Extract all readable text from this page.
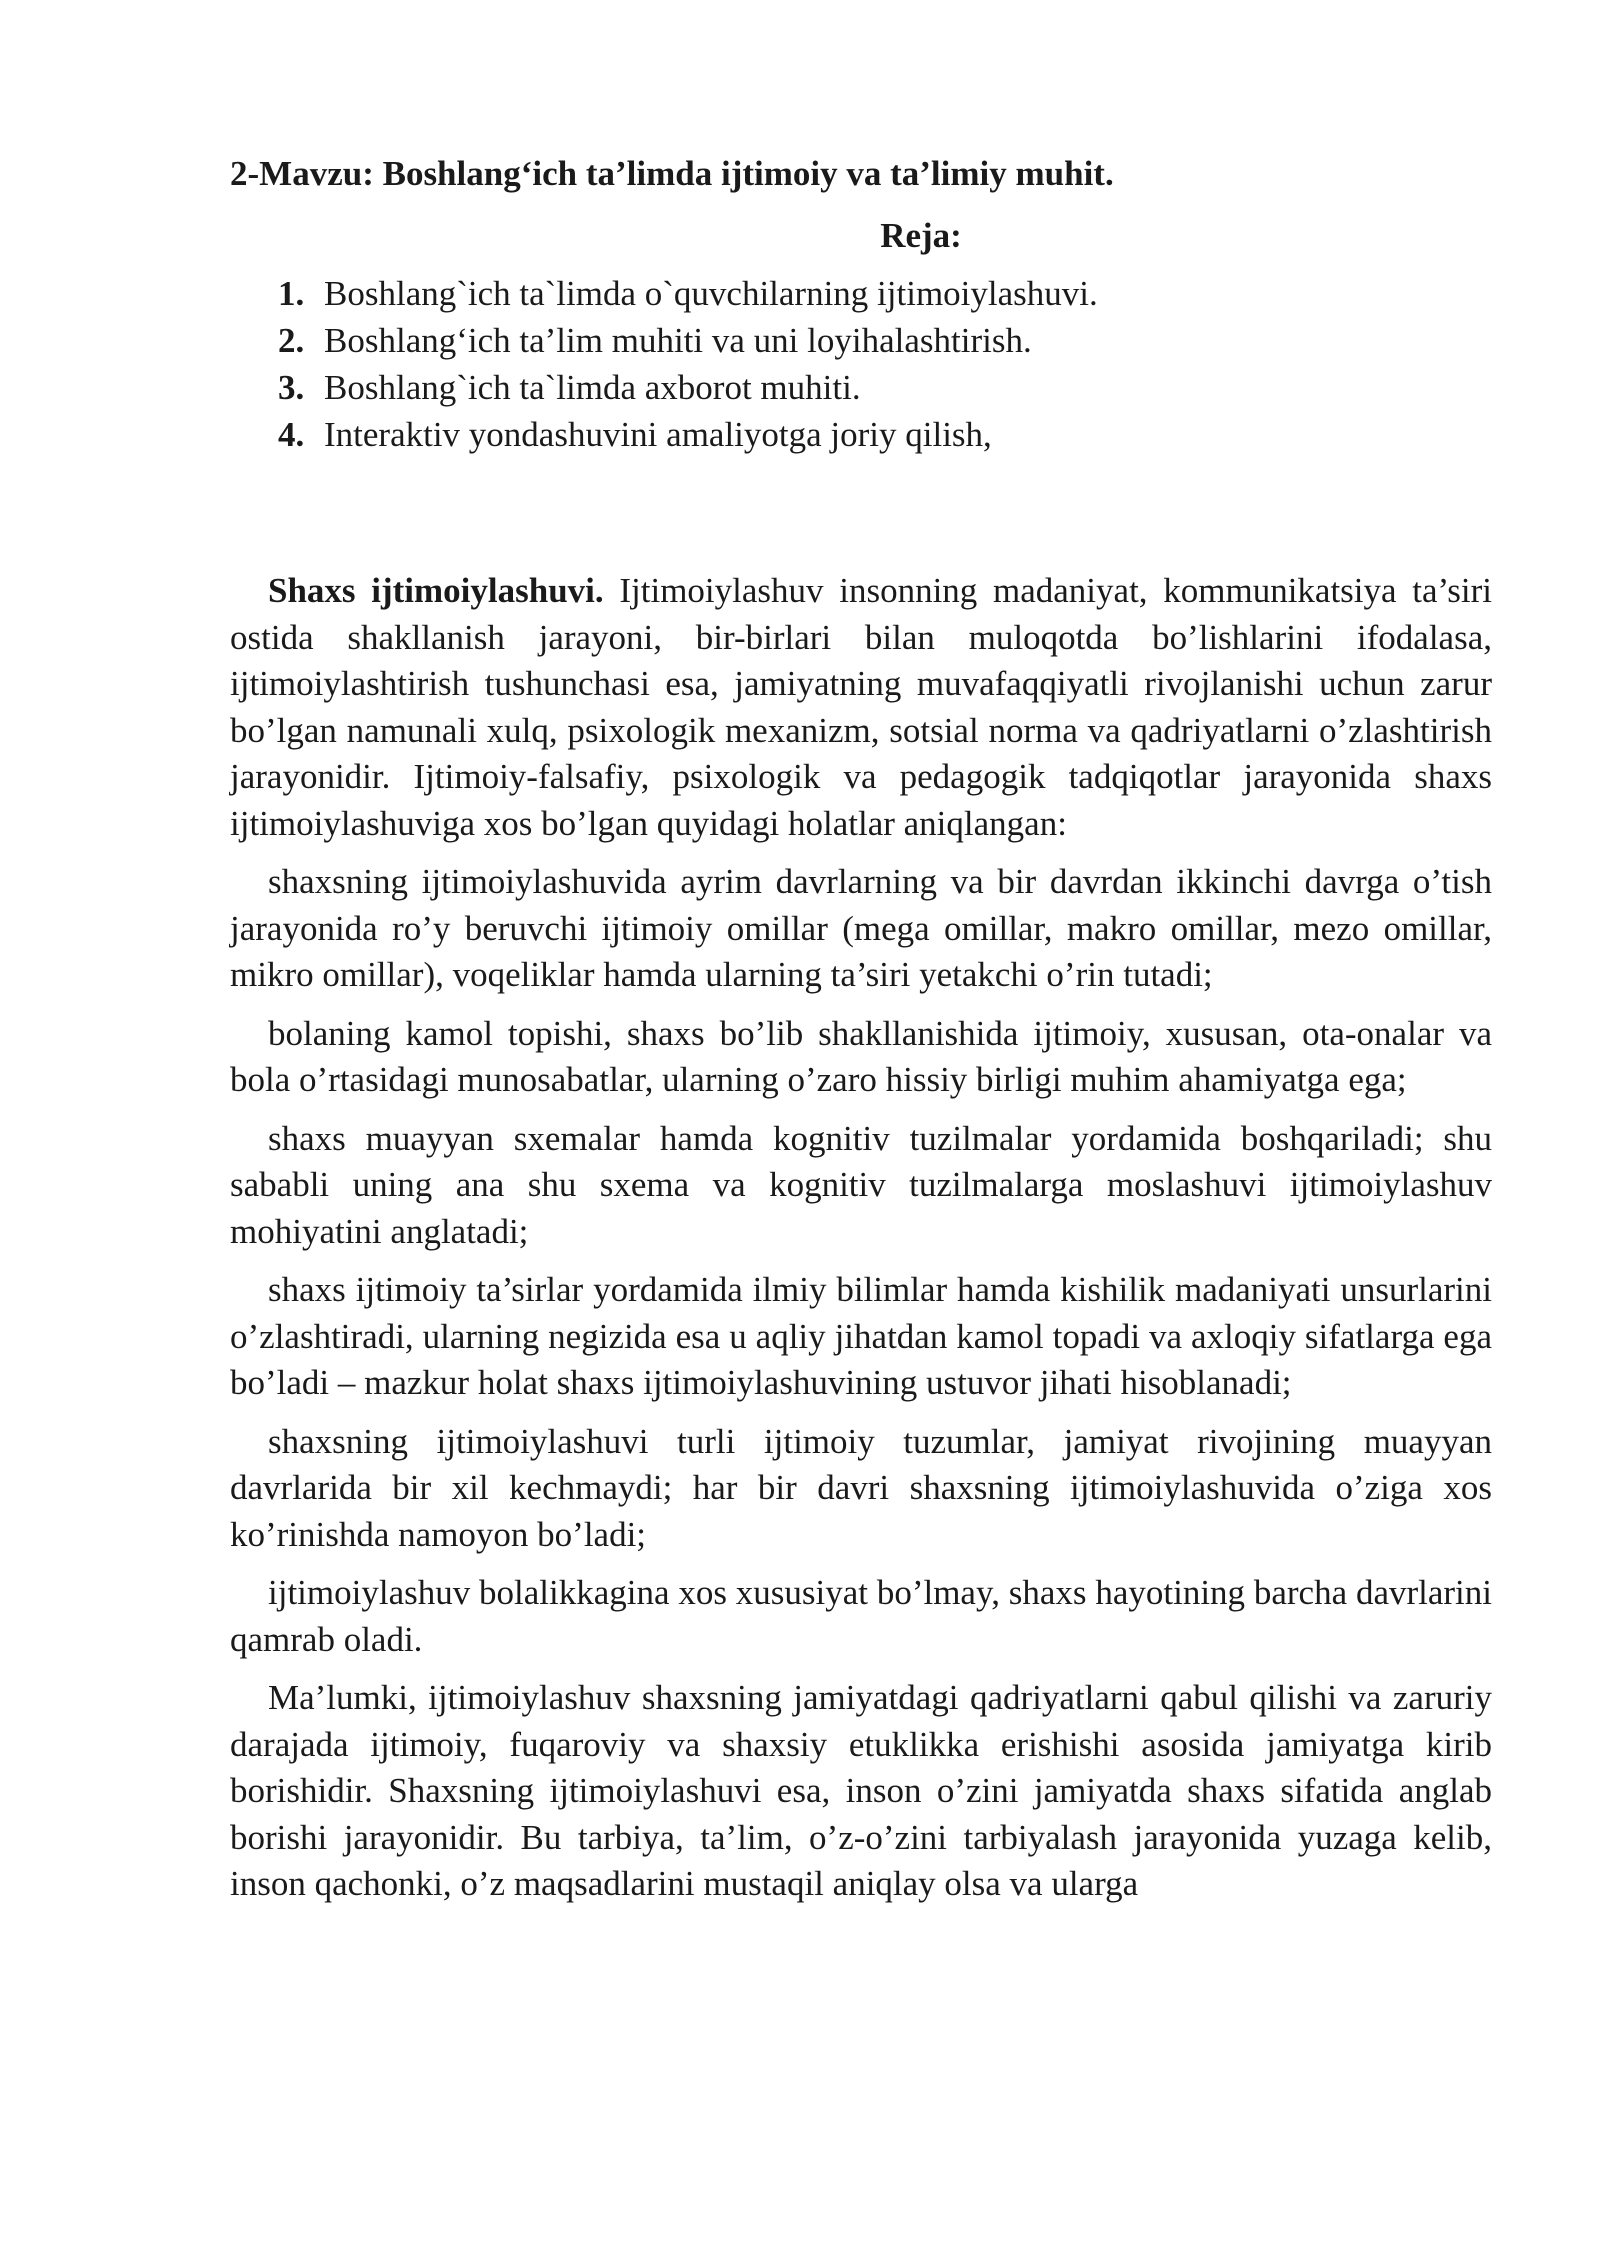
2-Mavzu: Boshlang‘ich ta’limda ijtimoiy va ta’limiy muhit.
Reja:
1. Boshlang`ich ta`limda o`quvchilarning ijtimoiylashuvi.
2. Boshlang‘ich ta’lim muhiti va uni loyihalashtirish.
3. Boshlang`ich ta`limda axborot muhiti.
4. Interaktiv yondashuvini amaliyotga joriy qilish,

Shaxs ijtimoiylashuvi. Ijtimoiylashuv insonning madaniyat, kommunikatsiya ta’siri ostida shakllanish jarayoni, bir-birlari bilan muloqotda bo’lishlarini ifodalasa, ijtimoiylashtirish tushunchasi esa, jamiyatning muvafaqqiyatli rivojlanishi uchun zarur bo’lgan namunali xulq, psixologik mexanizm, sotsial norma va qadriyatlarni o’zlashtirish jarayonidir. Ijtimoiy-falsafiy, psixologik va pedagogik tadqiqotlar jarayonida shaxs ijtimoiylashuviga xos bo’lgan quyidagi holatlar aniqlangan:

shaxsning ijtimoiylashuvida ayrim davrlarning va bir davrdan ikkinchi davrga o’tish jarayonida ro’y beruvchi ijtimoiy omillar (mega omillar, makro omillar, mezo omillar, mikro omillar), voqeliklar hamda ularning ta’siri yetakchi o’rin tutadi;

bolaning kamol topishi, shaxs bo’lib shakllanishida ijtimoiy, xususan, ota-onalar va bola o’rtasidagi munosabatlar, ularning o’zaro hissiy birligi muhim ahamiyatga ega;

shaxs muayyan sxemalar hamda kognitiv tuzilmalar yordamida boshqariladi; shu sababli uning ana shu sxema va kognitiv tuzilmalarga moslashuvi ijtimoiylashuv mohiyatini anglatadi;

shaxs ijtimoiy ta’sirlar yordamida ilmiy bilimlar hamda kishilik madaniyati unsurlarini o’zlashtiradi, ularning negizida esa u aqliy jihatdan kamol topadi va axloqiy sifatlarga ega bo’ladi – mazkur holat shaxs ijtimoiylashuvining ustuvor jihati hisoblanadi;

shaxsning ijtimoiylashuvi turli ijtimoiy tuzumlar, jamiyat rivojining muayyan davrlarida bir xil kechmaydi; har bir davri shaxsning ijtimoiylashuvida o’ziga xos ko’rinishda namoyon bo’ladi;

ijtimoiylashuv bolalikkagina xos xususiyat bo’lmay, shaxs hayotining barcha davrlarini qamrab oladi.

Ma’lumki, ijtimoiylashuv shaxsning jamiyatdagi qadriyatlarni qabul qilishi va zaruriy darajada ijtimoiy, fuqaroviy va shaxsiy etuklikka erishishi asosida jamiyatga kirib borishidir. Shaxsning ijtimoiylashuvi esa, inson o’zini jamiyatda shaxs sifatida anglab borishi jarayonidir. Bu tarbiya, ta’lim, o’z-o’zini tarbiyalash jarayonida yuzaga kelib, inson qachonki, o’z maqsadlarini mustaqil aniqlay olsa va ularga
